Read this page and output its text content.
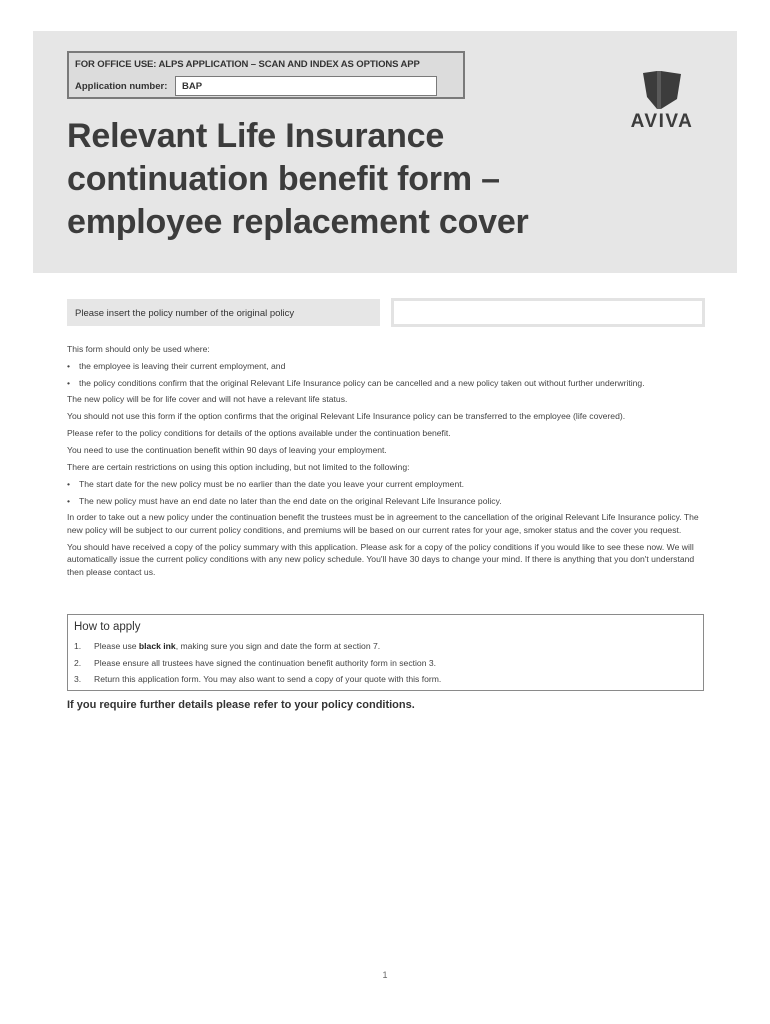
FOR OFFICE USE: ALPS APPLICATION – SCAN AND INDEX AS OPTIONS APP
Application number:	BAP
Relevant Life Insurance
continuation benefit form –
employee replacement cover
AVIVA
Please insert the policy number of the original policy

This form should only be used where:

• the employee is leaving their current employment, and
• the policy conditions confirm that the original Relevant Life Insurance policy can be cancelled and a new policy taken out without further underwriting.

The new policy will be for life cover and will not have a relevant life status.

You should not use this form if the option confirms that the original Relevant Life Insurance policy can be transferred to the employee (life covered).

Please refer to the policy conditions for details of the options available under the continuation benefit.

You need to use the continuation benefit within 90 days of leaving your employment.

There are certain restrictions on using this option including, but not limited to the following:

• The start date for the new policy must be no earlier than the date you leave your current employment.
• The new policy must have an end date no later than the end date on the original Relevant Life Insurance policy.

In order to take out a new policy under the continuation benefit the trustees must be in agreement to the cancellation of the original Relevant Life Insurance policy. The new policy will be subject to our current policy conditions, and premiums will be based on our current rates for your age, smoker status and the cover you request.

You should have received a copy of the policy summary with this application. Please ask for a copy of the policy conditions if you would like to see these now. We will automatically issue the current policy conditions with any new policy schedule. You'll have 30 days to change your mind. If there is anything that you don't understand then please contact us.

How to apply
1.	Please use black ink, making sure you sign and date the form at section 7.
2.	Please ensure all trustees have signed the continuation benefit authority form in section 3.
3.	Return this application form. You may also want to send a copy of your quote with this form.
If you require further details please refer to your policy conditions.
1
